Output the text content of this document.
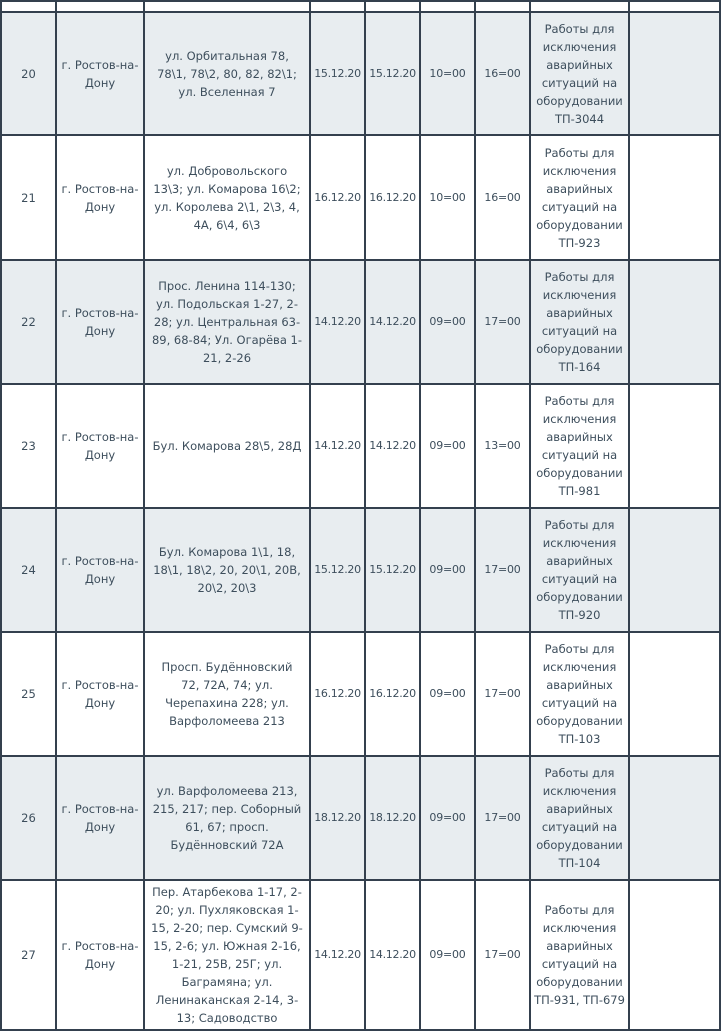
20	г. Ростов-на-Дону	ул. Орбитальная 78, 78\1, 78\2, 80, 82, 82\1; ул. Вселенная 7	15.12.20	15.12.20	10=00	16=00	Работы для исключения аварийных ситуаций на оборудовании ТП-3044	
21	г. Ростов-на-Дону	ул. Добровольского 13\3; ул. Комарова 16\2; ул. Королева 2\1, 2\3, 4, 4А, 6\4, 6\3	16.12.20	16.12.20	10=00	16=00	Работы для исключения аварийных ситуаций на оборудовании ТП-923	
22	г. Ростов-на-Дону	Прос. Ленина 114-130; ул. Подольская 1-27, 2-28; ул. Центральная 63-89, 68-84; Ул. Огарёва 1-21, 2-26	14.12.20	14.12.20	09=00	17=00	Работы для исключения аварийных ситуаций на оборудовании ТП-164	
23	г. Ростов-на-Дону	Бул. Комарова 28\5, 28Д	14.12.20	14.12.20	09=00	13=00	Работы для исключения аварийных ситуаций на оборудовании ТП-981	
24	г. Ростов-на-Дону	Бул. Комарова 1\1, 18, 18\1, 18\2, 20, 20\1, 20В, 20\2, 20\3	15.12.20	15.12.20	09=00	17=00	Работы для исключения аварийных ситуаций на оборудовании ТП-920	
25	г. Ростов-на-Дону	Просп. Будённовский 72, 72А, 74; ул. Черепахина 228; ул. Варфоломеева 213	16.12.20	16.12.20	09=00	17=00	Работы для исключения аварийных ситуаций на оборудовании ТП-103	
26	г. Ростов-на-Дону	ул. Варфоломеева 213, 215, 217; пер. Соборный 61, 67; просп. Будённовский 72А	18.12.20	18.12.20	09=00	17=00	Работы для исключения аварийных ситуаций на оборудовании ТП-104	
27	г. Ростов-на-Дону	Пер. Атарбекова 1-17, 2-20; ул. Пухляковская 1-15, 2-20; пер. Сумский 9-15, 2-6; ул. Южная 2-16, 1-21, 25В, 25Г; ул. Баграмяна; ул. Ленинаканская 2-14, 3-13; Садоводство	14.12.20	14.12.20	09=00	17=00	Работы для исключения аварийных ситуаций на оборудовании ТП-931, ТП-679	
